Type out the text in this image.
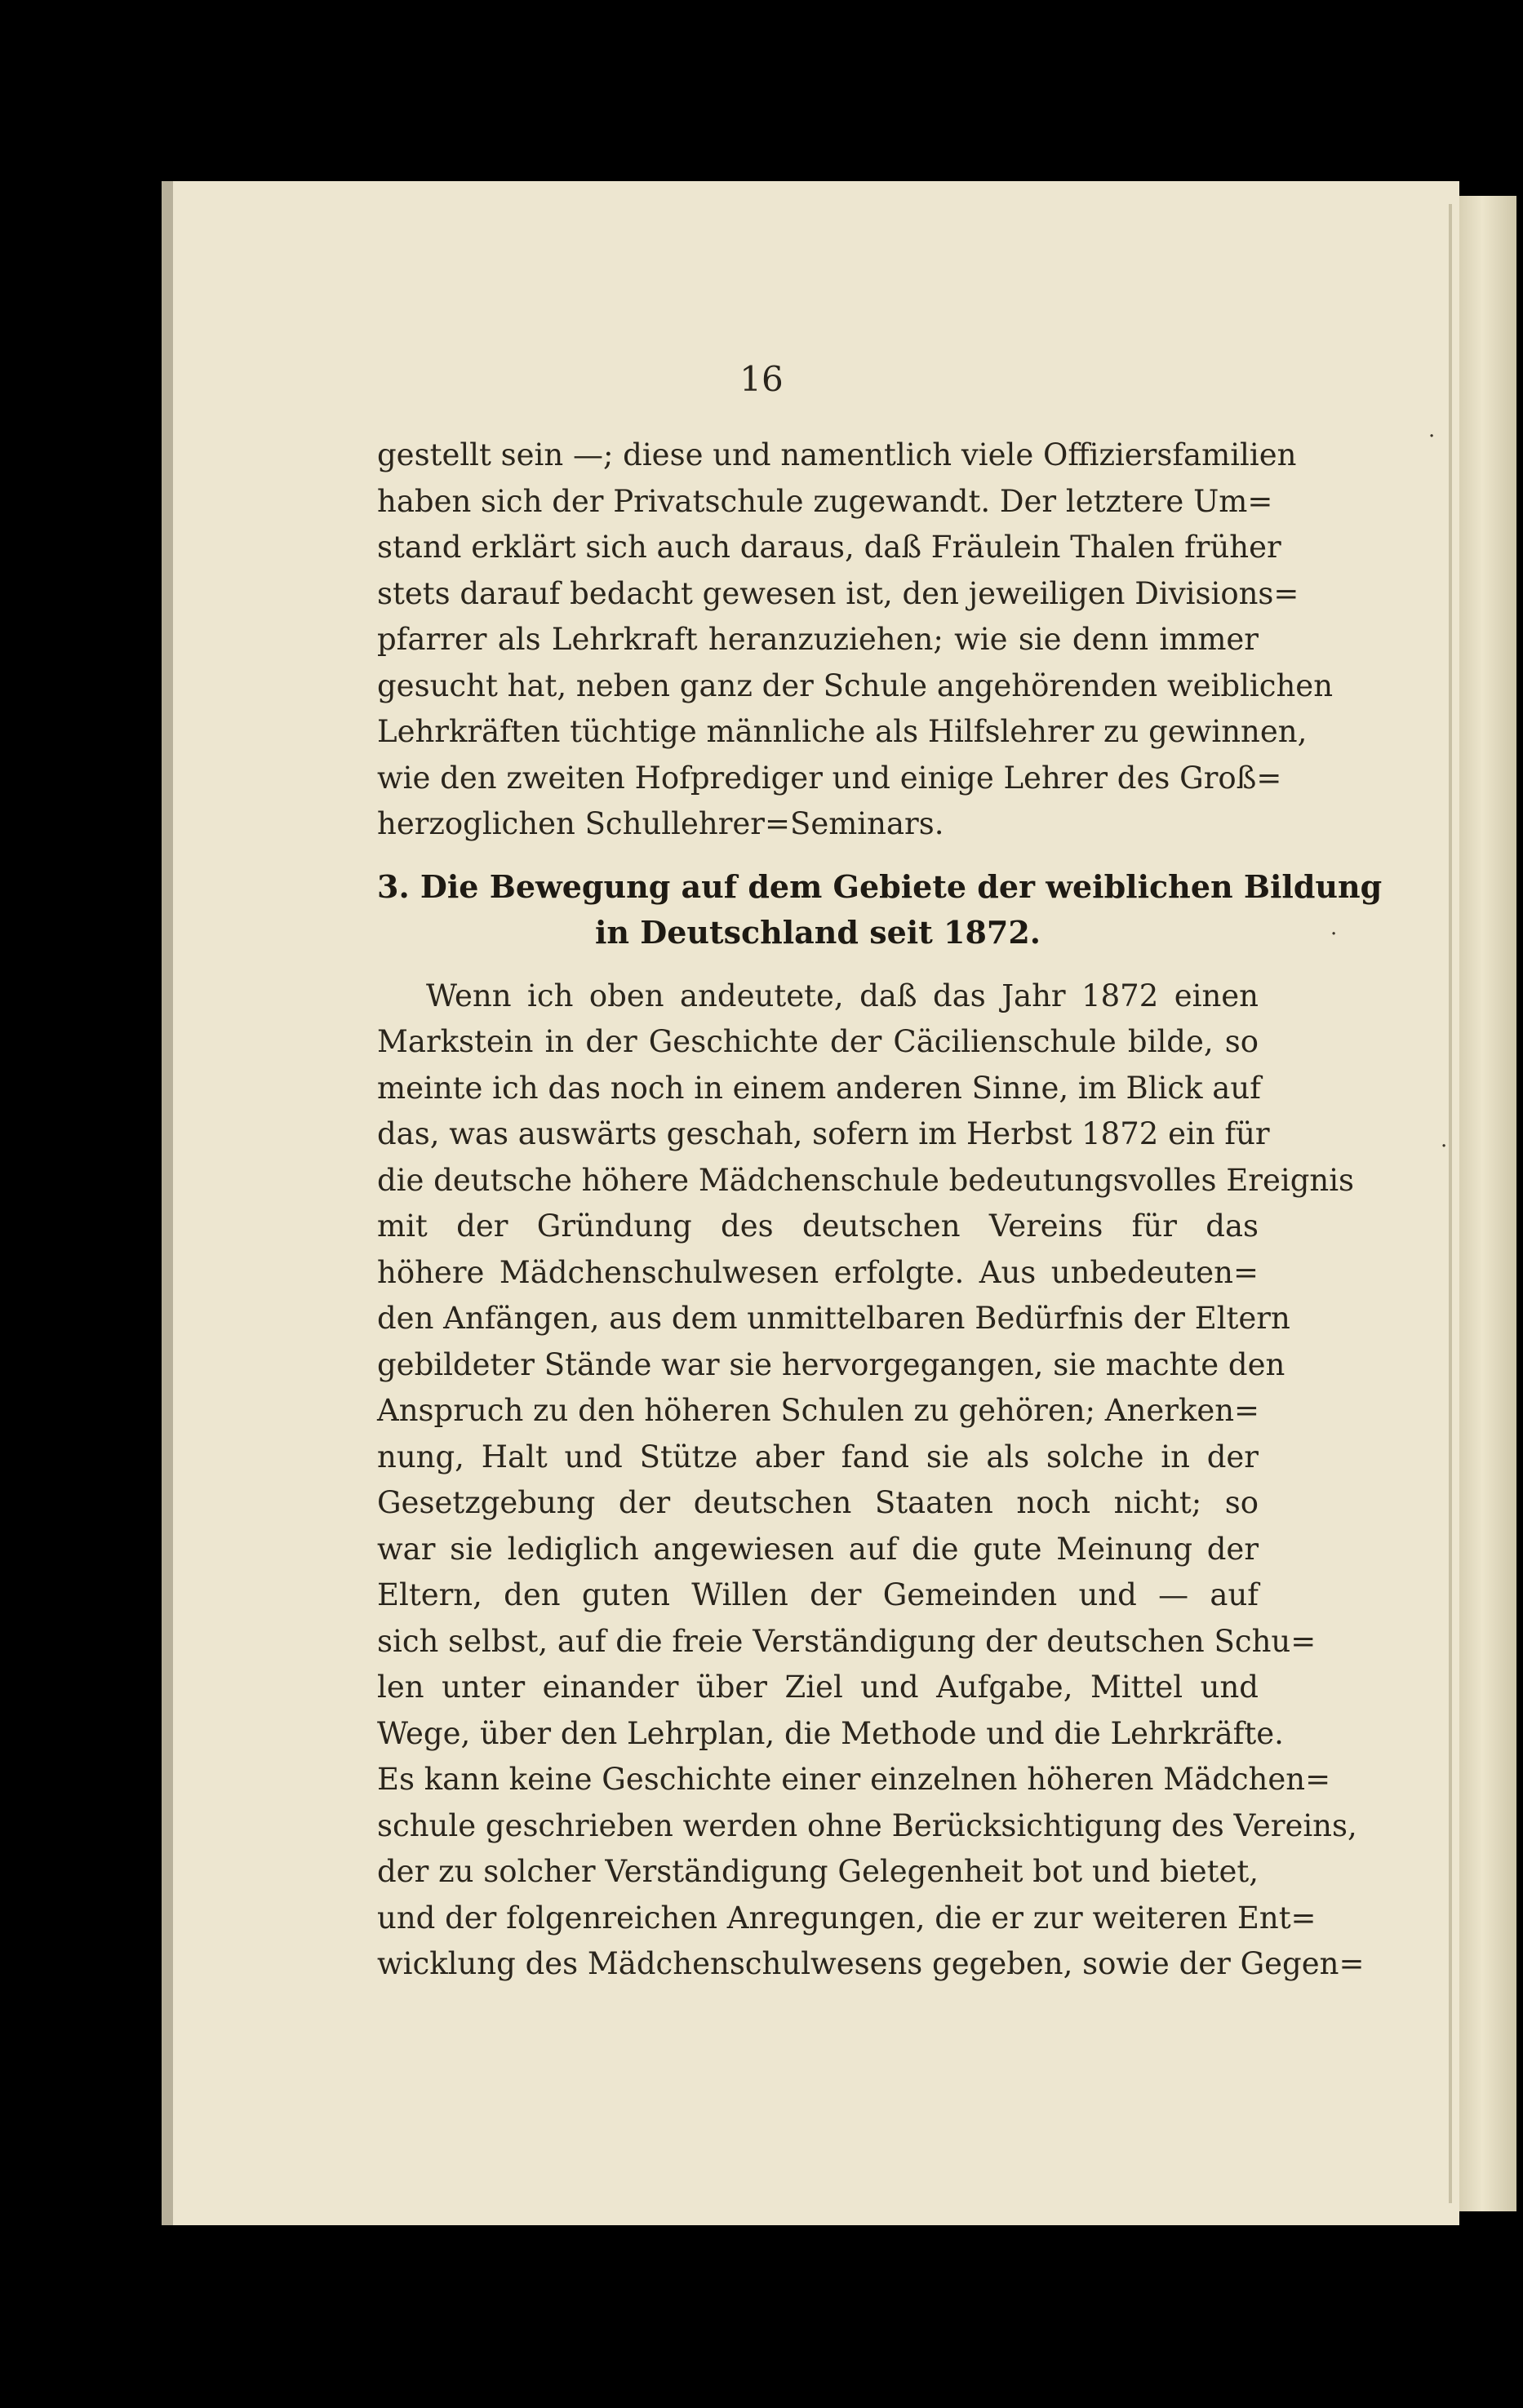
·
·
·
16
gestellt sein —; diese und namentlich viele Offiziersfamilien
haben sich der Privatschule zugewandt. Der letztere Um=
stand erklärt sich auch daraus, daß Fräulein Thalen früher
stets darauf bedacht gewesen ist, den jeweiligen Divisions=
pfarrer als Lehrkraft heranzuziehen; wie sie denn immer
gesucht hat, neben ganz der Schule angehörenden weiblichen
Lehrkräften tüchtige männliche als Hilfslehrer zu gewinnen,
wie den zweiten Hofprediger und einige Lehrer des Groß=
herzoglichen Schullehrer=Seminars.
3. Die Bewegung auf dem Gebiete der weiblichen Bildung
in Deutschland seit 1872.
Wenn ich oben andeutete, daß das Jahr 1872 einen
Markstein in der Geschichte der Cäcilienschule bilde, so
meinte ich das noch in einem anderen Sinne, im Blick auf
das, was auswärts geschah, sofern im Herbst 1872 ein für
die deutsche höhere Mädchenschule bedeutungsvolles Ereignis
mit der Gründung des deutschen Vereins für das
höhere Mädchenschulwesen erfolgte. Aus unbedeuten=
den Anfängen, aus dem unmittelbaren Bedürfnis der Eltern
gebildeter Stände war sie hervorgegangen, sie machte den
Anspruch zu den höheren Schulen zu gehören; Anerken=
nung, Halt und Stütze aber fand sie als solche in der
Gesetzgebung der deutschen Staaten noch nicht; so
war sie lediglich angewiesen auf die gute Meinung der
Eltern, den guten Willen der Gemeinden und — auf
sich selbst, auf die freie Verständigung der deutschen Schu=
len unter einander über Ziel und Aufgabe, Mittel und
Wege, über den Lehrplan, die Methode und die Lehrkräfte.
Es kann keine Geschichte einer einzelnen höheren Mädchen=
schule geschrieben werden ohne Berücksichtigung des Vereins,
der zu solcher Verständigung Gelegenheit bot und bietet,
und der folgenreichen Anregungen, die er zur weiteren Ent=
wicklung des Mädchenschulwesens gegeben, sowie der Gegen=
